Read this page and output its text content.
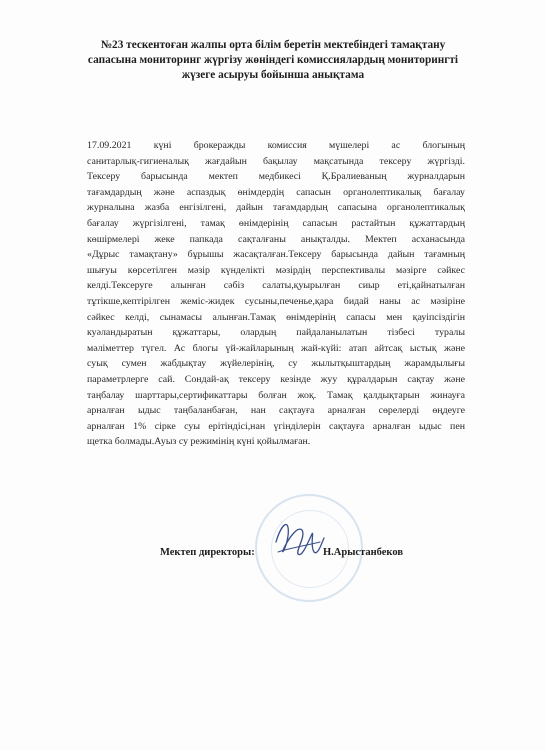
№23 тескентоған жалпы орта білім беретін мектебіндегі тамақтану
сапасына мониторинг жүргізу жөніндегі комиссиялардың мониторингті
жүзеге асыруы бойынша анықтама
17.09.2021 күні брокеражды комиссия мүшелері ас блогының
санитарлық-гигиеналық жағдайын бақылау мақсатында тексеру жүргізді.
Тексеру барысында мектеп медбикесі Қ.Бралиеваның журналдарын
тағамдардың және аспаздық өнімдердің сапасын органолептикалық бағалау
журналына жазба енгізілгені, дайын тағамдардың сапасына органолептикалық
бағалау жүргізілгені, тамақ өнімдерінің сапасын растайтын құжаттардың
көшірмелері жеке папкада сақталғаны анықталды. Мектеп асханасында
«Дұрыс тамақтану» бұрышы жасақталған.Тексеру барысында дайын тағамның
шығуы көрсетілген мәзір күнделікті мәзірдің перспективалы мәзірге сәйкес
келді.Тексеруге алынған сәбіз салаты,қуырылған сиыр еті,қайнатылған
тұтікше,кептірілген жеміс-жидек сусыны,печенье,қара бидай наны ас мәзіріне
сәйкес келді, сынамасы алынған.Тамақ өнімдерінің сапасы мен қауіпсіздігін
куәландыратын құжаттары, олардың пайдаланылатын тізбесі туралы
мәліметтер түгел. Ас блогы үй-жайларының жай-күйі: атап айтсақ ыстық және
суық сумен жабдықтау жүйелерінің, су жылытқыштардың жарамдылығы
параметрлерге сай. Сондай-ақ тексеру кезінде жуу құралдарын сақтау және
таңбалау шарттары,сертификаттары болған жоқ. Тамақ қалдықтарын жинауға
арналған ыдыс таңбаланбаған, нан сақтауға арналған сөрелерді өңдеуге
арналған 1% сірке суы ерітіндісі,нан үгінділерін сақтауға арналған ыдыс пен
щетка болмады.Ауыз су режимінің күні қойылмаған.
Мектеп директоры:	Н.Арыстанбеков
